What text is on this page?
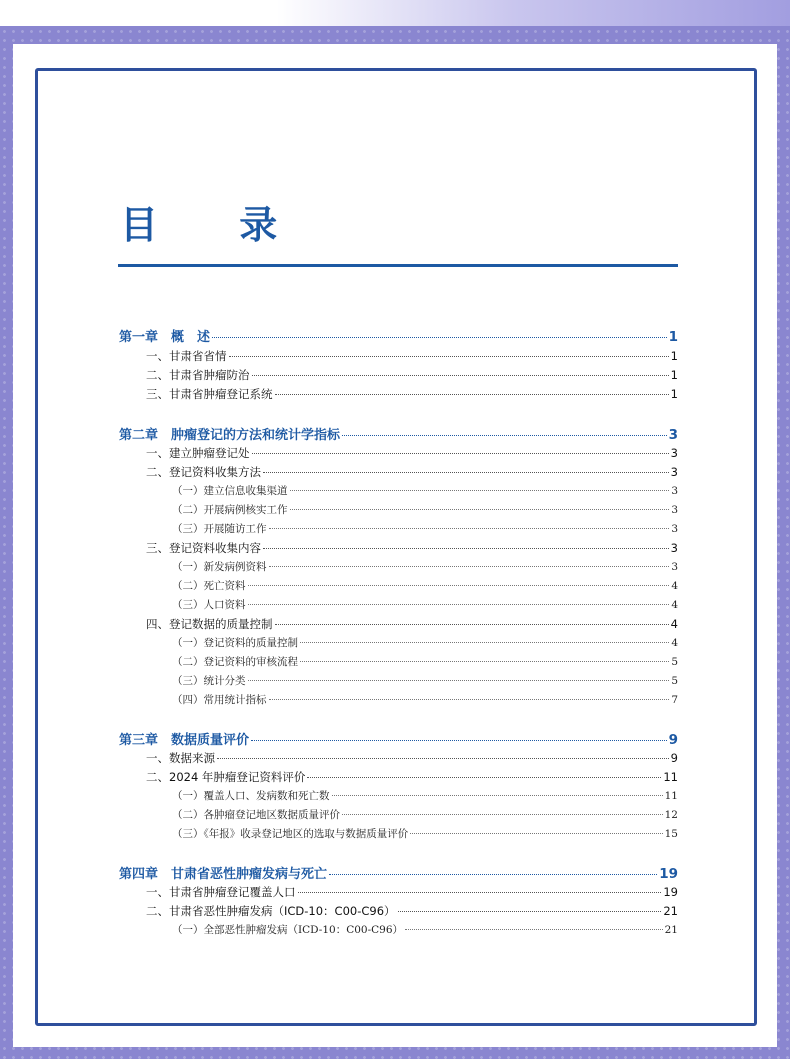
目 录
第一章　概　述	1
一、甘肃省省情	1
二、甘肃省肿瘤防治	1
三、甘肃省肿瘤登记系统	1
第二章　肿瘤登记的方法和统计学指标	3
一、建立肿瘤登记处	3
二、登记资料收集方法	3
（一）建立信息收集渠道	3
（二）开展病例核实工作	3
（三）开展随访工作	3
三、登记资料收集内容	3
（一）新发病例资料	3
（二）死亡资料	4
（三）人口资料	4
四、登记数据的质量控制	4
（一）登记资料的质量控制	4
（二）登记资料的审核流程	5
（三）统计分类	5
（四）常用统计指标	7
第三章　数据质量评价	9
一、数据来源	9
二、2024 年肿瘤登记资料评价	11
（一）覆盖人口、发病数和死亡数	11
（二）各肿瘤登记地区数据质量评价	12
（三）《年报》收录登记地区的选取与数据质量评价	15
第四章　甘肃省恶性肿瘤发病与死亡	19
一、甘肃省肿瘤登记覆盖人口	19
二、甘肃省恶性肿瘤发病（ICD-10：C00-C96）	21
（一）全部恶性肿瘤发病（ICD-10：C00-C96）	21
